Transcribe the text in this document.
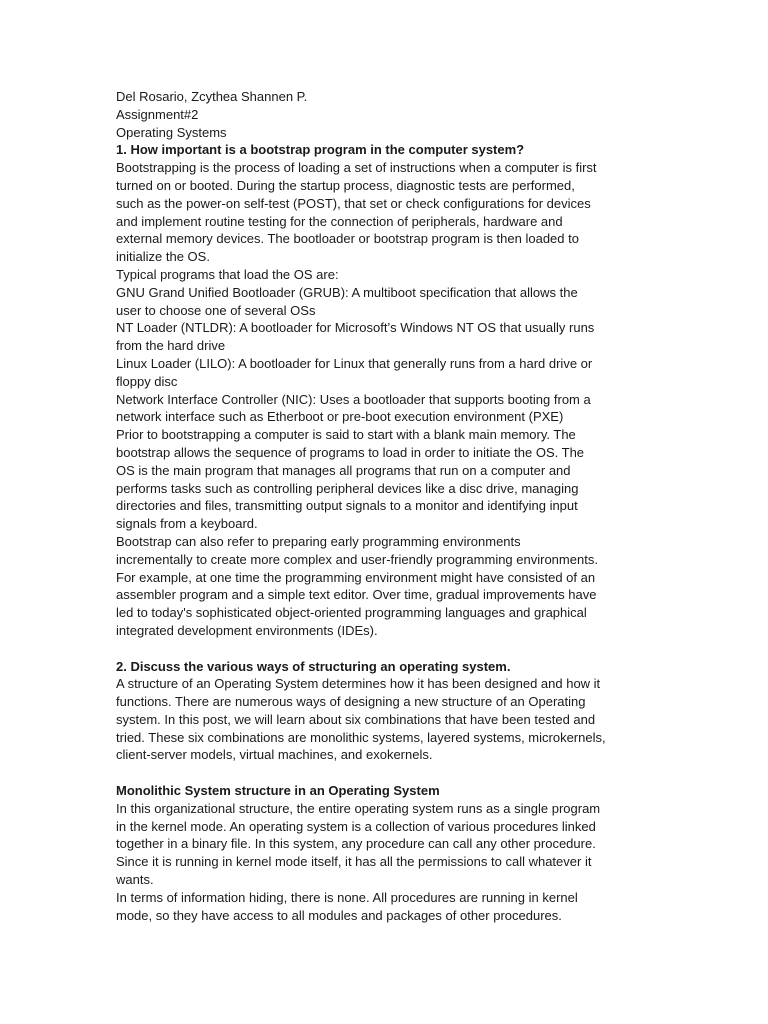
Del Rosario, Zcythea Shannen P.
Assignment#2
Operating Systems
1. How important is a bootstrap program in the computer system?
Bootstrapping is the process of loading a set of instructions when a computer is first
turned on or booted. During the startup process, diagnostic tests are performed,
such as the power-on self-test (POST), that set or check configurations for devices
and implement routine testing for the connection of peripherals, hardware and
external memory devices. The bootloader or bootstrap program is then loaded to
initialize the OS.
Typical programs that load the OS are:
GNU Grand Unified Bootloader (GRUB): A multiboot specification that allows the
user to choose one of several OSs
NT Loader (NTLDR): A bootloader for Microsoft’s Windows NT OS that usually runs
from the hard drive
Linux Loader (LILO): A bootloader for Linux that generally runs from a hard drive or
floppy disc
Network Interface Controller (NIC): Uses a bootloader that supports booting from a
network interface such as Etherboot or pre-boot execution environment (PXE)
Prior to bootstrapping a computer is said to start with a blank main memory. The
bootstrap allows the sequence of programs to load in order to initiate the OS. The
OS is the main program that manages all programs that run on a computer and
performs tasks such as controlling peripheral devices like a disc drive, managing
directories and files, transmitting output signals to a monitor and identifying input
signals from a keyboard.
Bootstrap can also refer to preparing early programming environments
incrementally to create more complex and user-friendly programming environments.
For example, at one time the programming environment might have consisted of an
assembler program and a simple text editor. Over time, gradual improvements have
led to today's sophisticated object-oriented programming languages and graphical
integrated development environments (IDEs).
2. Discuss the various ways of structuring an operating system.
A structure of an Operating System determines how it has been designed and how it
functions. There are numerous ways of designing a new structure of an Operating
system. In this post, we will learn about six combinations that have been tested and
tried. These six combinations are monolithic systems, layered systems, microkernels,
client-server models, virtual machines, and exokernels.
Monolithic System structure in an Operating System
In this organizational structure, the entire operating system runs as a single program
in the kernel mode. An operating system is a collection of various procedures linked
together in a binary file. In this system, any procedure can call any other procedure.
Since it is running in kernel mode itself, it has all the permissions to call whatever it
wants.
In terms of information hiding, there is none. All procedures are running in kernel
mode, so they have access to all modules and packages of other procedures.
